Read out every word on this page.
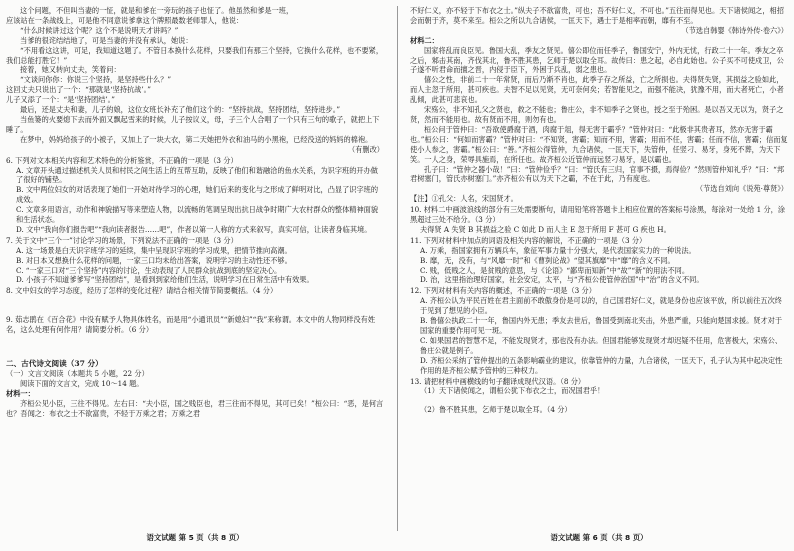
这个问题，不但叫当妻的一怔，就是和爹在一旁玩的孩子也怔了。他虽然和爹是一班，

应该站在一条战线上，可是他不同意说爹拿这个牌照最数老师罪人，他说：

“什么时候讲过这个呢？这个不是说明天才讲吗？”

当爹的很诧结结地了，可是当妻的并没有承认，她说：

“不用看这这讲，可足，我知道这题了。不管日本换什么花样，只要我们有那三个坚持，它换什么花样，也不要紧，我们总能打胜它！”

接着，她又转向丈夫，笑着问：

“文谈问你你：你说三个坚持，是坚持些什么？”

这回丈夫只说出了一个：“那就是‘坚持抗战’。”

儿子又添了一个：“是‘坚持团结’。”

最后，还是丈夫和妻，儿子的娘，这位女班长补充了他们这个的：“坚持抗战，坚持团结，坚持进步。”

当鱼篓的火要熄下去而外面又飘起雪来的时候，儿子按议义，母，子三个人合唱了一个只有三句的歌子，就把上下睡了。

在梦中，妈妈给孩子的小被子，又加上了一块大衣，第二天她把外衣和油马的小黑袍，已经没送的妈妈的棉袍。

（有删改）

6. 下列对文本相关内容和艺术特色的分析鉴赏，不正确的一项是（3 分）

A. 文章开头通过描述机关人员和村民之间生活上的互帮互助，反映了他们和谐融洽的鱼水关系，为识字班的开办做了很好的铺垫。

B. 文中两位妇女的对话表现了她们一开始对待学习的心理，她们后来的变化与之形成了鲜明对比，凸显了识字班的成效。

C. 文章多用语言，动作和神貌描写等来塑造人物，以流畅的笔调呈现出抗日战争时期广大农村群众的整体精神面貌和生活状态。

D. 文中“我向你们报告吧”“我向读者报告……吧”，作者以第一人称的方式来叙写，真实可信，让读者身临其境。

7. 关于文中“三个一”讨论学习的场景，下列说法不正确的一项是（3 分）

A. 这一场景是白天识字班学习的延续，集中呈现识字班的学习成果，把情节推向高潮。

B. 对日本又想换什么花样的问题，一家三口均未给出答案，说明学习的主动性还不够。

C. “一家三口对“三个坚持”内容的讨论，生动表现了人民群众抗战到底的坚定决心。

D. 小孩子不知道爹爹写“坚持团结”，是看到到家给他们生活，说明学习在日常生活中有效果。

8. 文中妇女的学习态度，经历了怎样的变化过程？请结合相关情节简要概括。（4 分）

9. 茹志鹃在《百合花》中没有赋予人物具体姓名，而是用“小通讯员”“新媳妇”“我”来称谓。本文中的人物同样没有姓名，这么处理有何作用？请简要分析。（6 分）

二、古代诗文阅读（37 分）

（一）文言文阅读（本题共 5 小题，22 分）

阅读下面的文言文，完成 10～14 题。

材料一：

齐桓公见小臣，三往不得见。左右曰：“夫小臣，国之贱臣也，君三往而不得见，其可已矣！”桓公曰：“恶，是何言也？吾闻之：布衣之士不欲富贵，不轻于万乘之君；万乘之君

不好仁义，亦不轻于下布衣之士。”纵夫子不欲富贵，可也；吾不好仁义，不可也。”五往而得见也。天下诸侯闻之，相招会而朝于齐，莫不来至。桓公之所以九合诸侯，一匡天下，遇士于是相率而朝，靡有不至。

（节选自韩婴《韩诗外传·卷六》）

材料二：

国家将乱而良臣见。鲁国大乱，季友之贤见。僖公即位而任季子，鲁国安宁，外内无忧，行政二十一年。季友之卒之后，邾击其南，齐伐其北，鲁不胜其患，乞师于楚以取全耳。故传曰：患之起，必自此始也。公子买不可使戍卫，公子遂不听君命而擅之晋，内侵于臣下，外困于兵乱，弱之患也。

僖公之性，非前二十一年常贤，而后乃渐不肖也，此季子存之所益，亡之所损也。夫得贤失贤，其损益之验如此，而人主忽于所用，甚可疾也。夫智不足以见贤，无可奈何矣；若智能见之，而强不能决，犹豫不用，而大者死亡，小者乱倾，此甚可悲哀也。

宋殇公，非不知孔父之贤也，救之不能也；鲁庄公，非不知季子之贤也，授之至于殆困。是以吾又无以为，贤子之贤，然而不能用也。故有贤而不用，则勿有也。

桓公问于管仲曰：“吾欲使爵腐于酒，肉腐于俎，得无害于霸乎？”管仲对曰：“此极非其贵者耳，然亦无害于霸也。”桓公曰：“何如而害霸？”管仲对曰：“不知贤，害霸；知而不用，害霸；用而不任，害霸；任而不信，害霸；信而复使小人参之，害霸。”桓公曰：“善。”齐桓公得管仲，九合诸侯，一匡天下，失管仲，任竖刁、易牙，身死不葬，为天下笑。一人之身，荣辱具施焉，在所任也。故齐桓公近管仲而远竖刁易牙，是以霸也。

孔子曰：“管仲之器小哉！”曰：“管仲俭乎？”曰：“管氏有三归，官事不摄，焉得俭？”然则管仲知礼乎？”曰：“邦君树塞门，管氏亦树塞门。”亦齐桓公有以为天下之霸，不在于此，乃有度也。

（节选自刘向《说苑·尊贤》）

【注】①孔父：人名，宋国贤才。

10. 材料二中画波浪线的部分有三处需要断句，请用铅笔将答题卡上相应位置的答案标号涂黑，每涂对一处给 1 分，涂黑超过三处不给分。（3 分）

夫得贤 A 失贤 B 其损益之验 C 如此 D 而人主 E 忽于所用 F 甚可 G 疾也 H。

11. 下列对材料中加点的词语及相关内容的解说，不正确的一项是（3 分）

A. 万乘，指国家拥有万辆兵车，象征军事力量十分强大，是代表国家实力的一种说法。

B. 靡，无，没有，与“风靡一时”和《曹刿论战》“望其旗靡”中“靡”的含义不同。

C. 贱，低贱之人，是贫贱的意思，与《论语》“鄙卑而知新”中“故”“新”的用法不同。

D. 治，这里指治理好国家，社会安定，太平，与“齐桓公使管仲治国”中“治”的含义不同。

12. 下列对材料有关内容的概述，不正确的一项是（3 分）

A. 齐桓公认为平民百姓在君主面前不敢傲身份是可以的，自己国君好仁义，就是身份也应该平放，所以前往五次终于见到了想见的小臣。

B. 鲁僖公执政二十一年，鲁国内外无患；季友去世后，鲁国受到南北夹击，外患严重，只能向楚国求援。贤才对于国家的重要作用可见一斑。

C. 如果国君的智慧不足，不能发现贤才，那也没有办法。但国君能够发现贤才却迟疑不任用，危害极大，宋殇公、鲁庄公就是例子。

D. 齐桓公采纳了管仲提出的五条影响霸业的建议，依靠管仲的力量，九合诸侯，一匡天下，孔子认为其中起决定性作用的是齐桓公赋予管仲的三种权力。

13. 请把材料中画横线的句子翻译成现代汉语。（8 分）

（1）天下诸侯闻之，谓桓公犹下布衣之士，而况国君乎！

（2）鲁不胜其患，乞师于楚以取全耳。（4 分）

语文试题 第 5 页（共 8 页）	语文试题 第 6 页（共 8 页）
